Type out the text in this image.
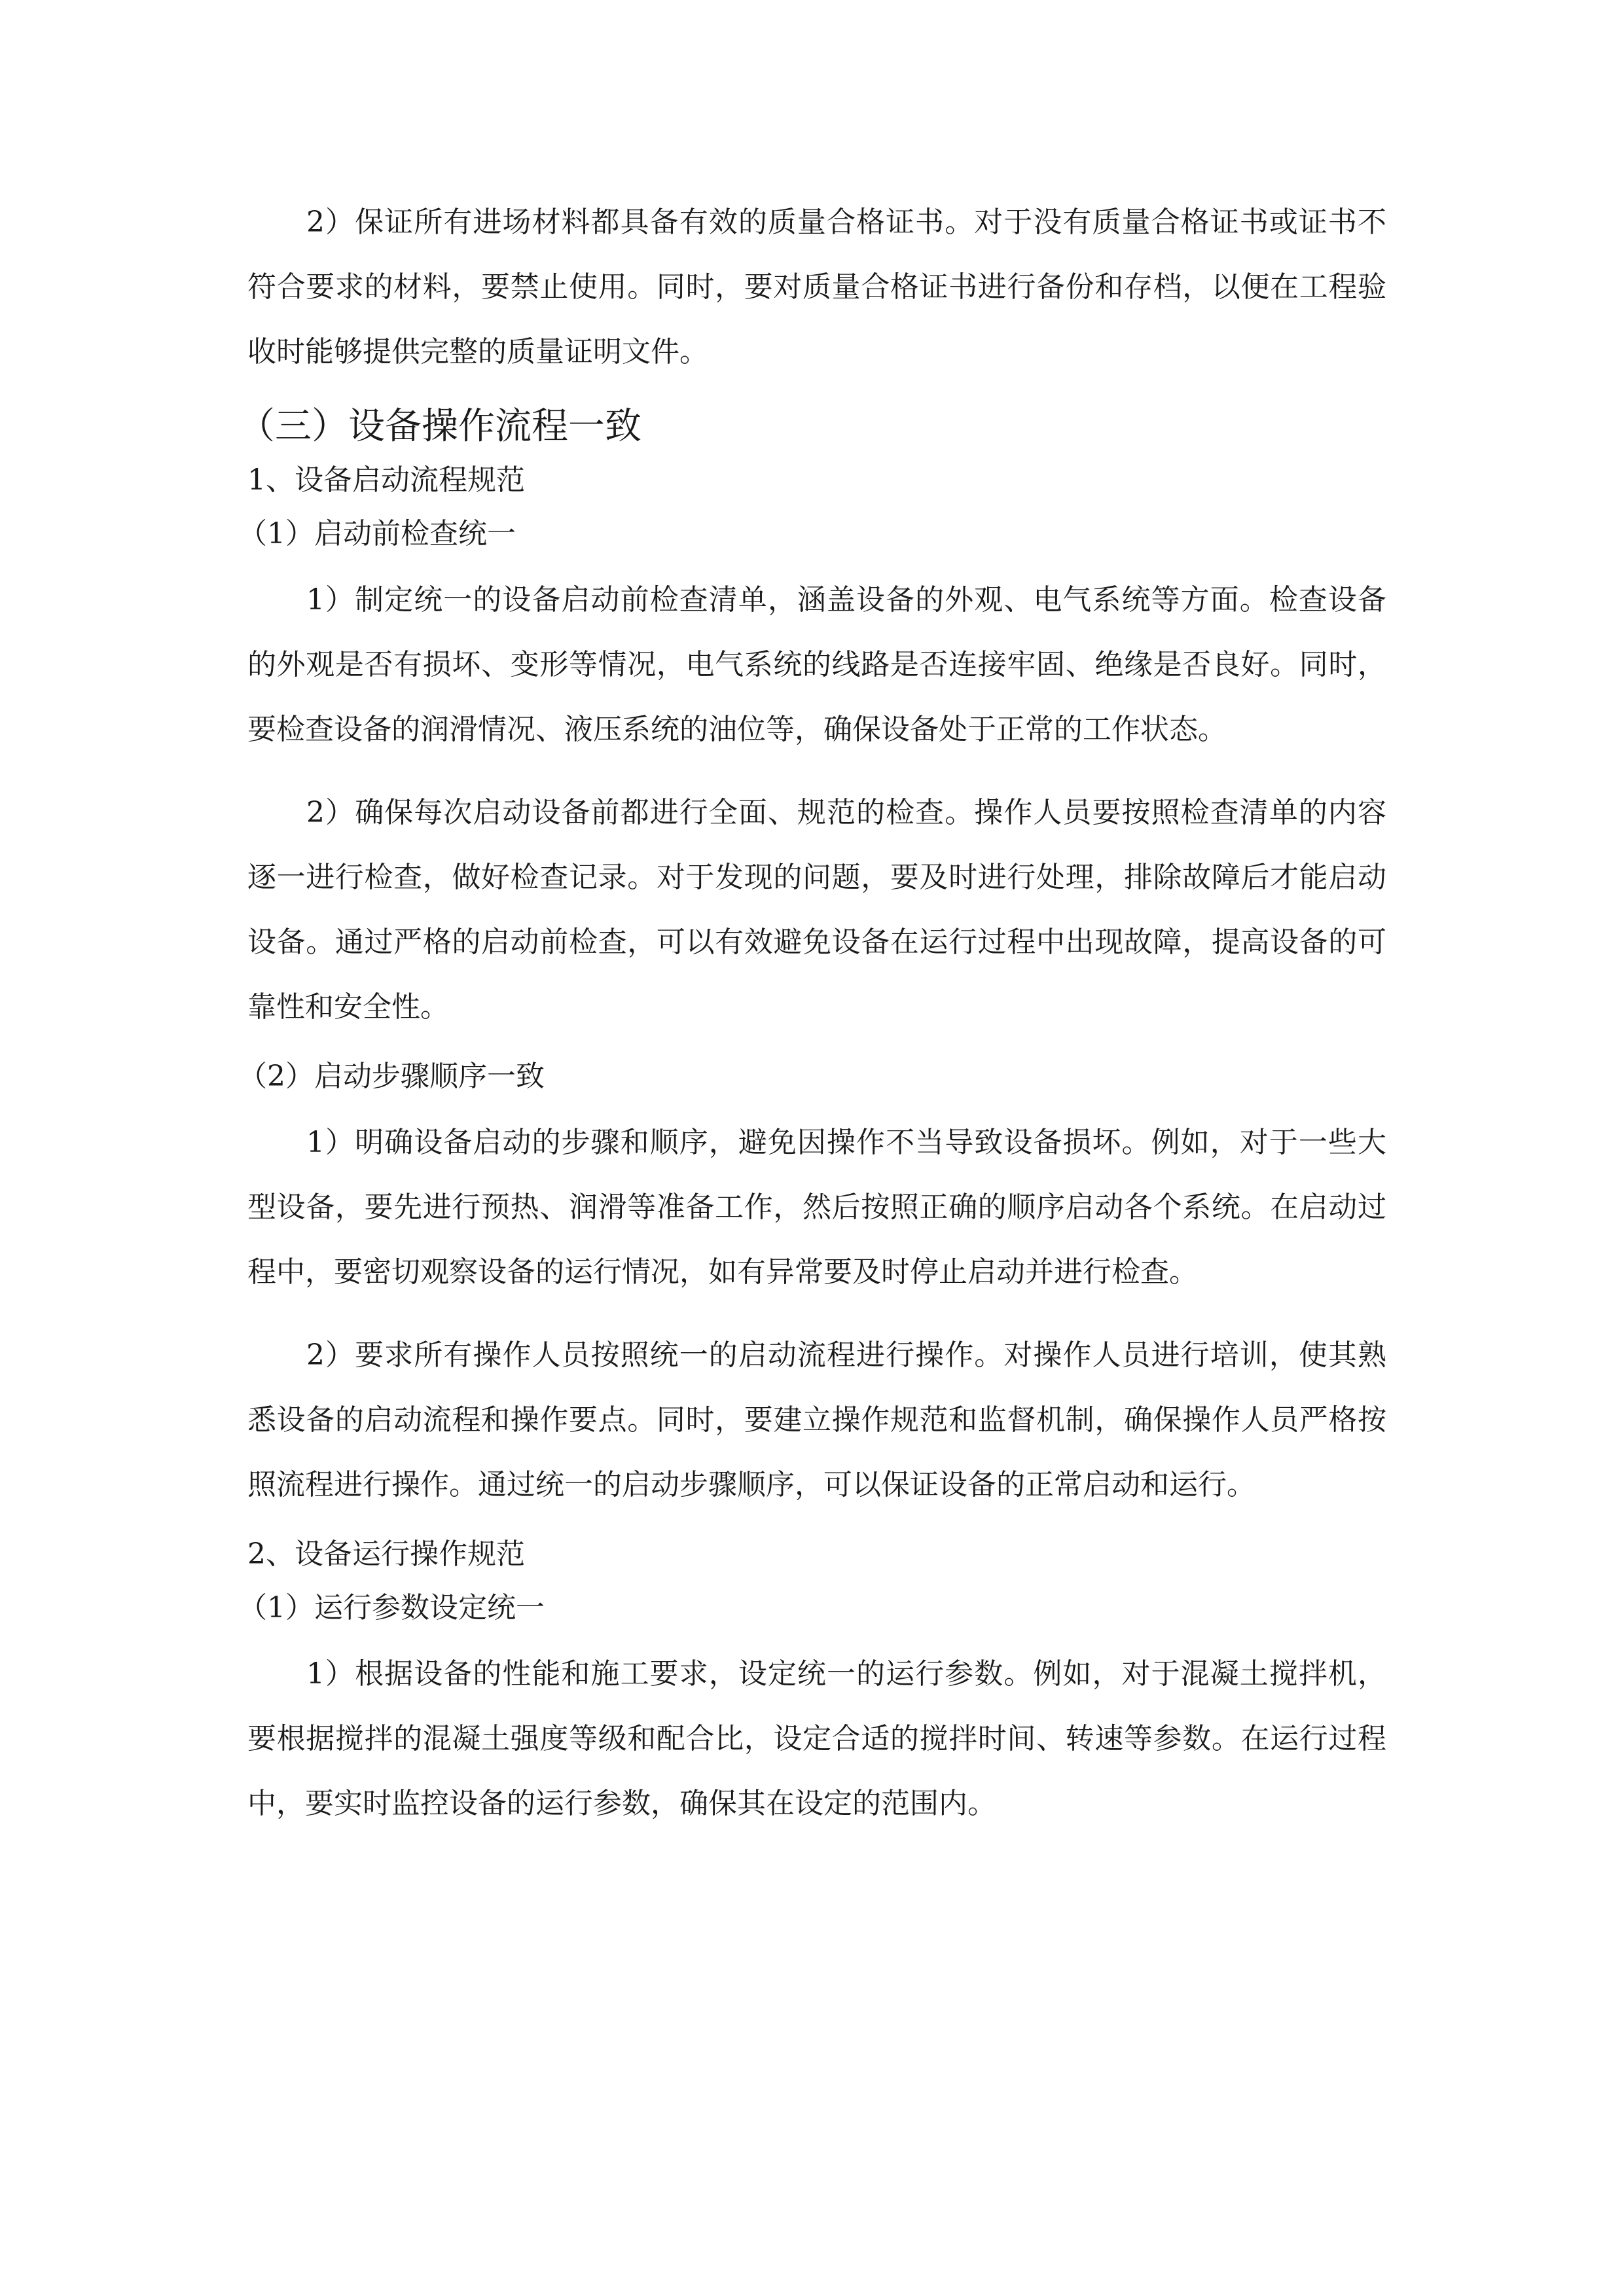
2）保证所有进场材料都具备有效的质量合格证书。对于没有质量合格证书或证书不符合要求的材料，要禁止使用。同时，要对质量合格证书进行备份和存档，以便在工程验收时能够提供完整的质量证明文件。

（三）设备操作流程一致
1、设备启动流程规范
（1）启动前检查统一

1）制定统一的设备启动前检查清单，涵盖设备的外观、电气系统等方面。检查设备的外观是否有损坏、变形等情况，电气系统的线路是否连接牢固、绝缘是否良好。同时，要检查设备的润滑情况、液压系统的油位等，确保设备处于正常的工作状态。

2）确保每次启动设备前都进行全面、规范的检查。操作人员要按照检查清单的内容逐一进行检查，做好检查记录。对于发现的问题，要及时进行处理，排除故障后才能启动设备。通过严格的启动前检查，可以有效避免设备在运行过程中出现故障，提高设备的可靠性和安全性。

（2）启动步骤顺序一致

1）明确设备启动的步骤和顺序，避免因操作不当导致设备损坏。例如，对于一些大型设备，要先进行预热、润滑等准备工作，然后按照正确的顺序启动各个系统。在启动过程中，要密切观察设备的运行情况，如有异常要及时停止启动并进行检查。

2）要求所有操作人员按照统一的启动流程进行操作。对操作人员进行培训，使其熟悉设备的启动流程和操作要点。同时，要建立操作规范和监督机制，确保操作人员严格按照流程进行操作。通过统一的启动步骤顺序，可以保证设备的正常启动和运行。

2、设备运行操作规范
（1）运行参数设定统一

1）根据设备的性能和施工要求，设定统一的运行参数。例如，对于混凝土搅拌机，要根据搅拌的混凝土强度等级和配合比，设定合适的搅拌时间、转速等参数。在运行过程中，要实时监控设备的运行参数，确保其在设定的范围内。
